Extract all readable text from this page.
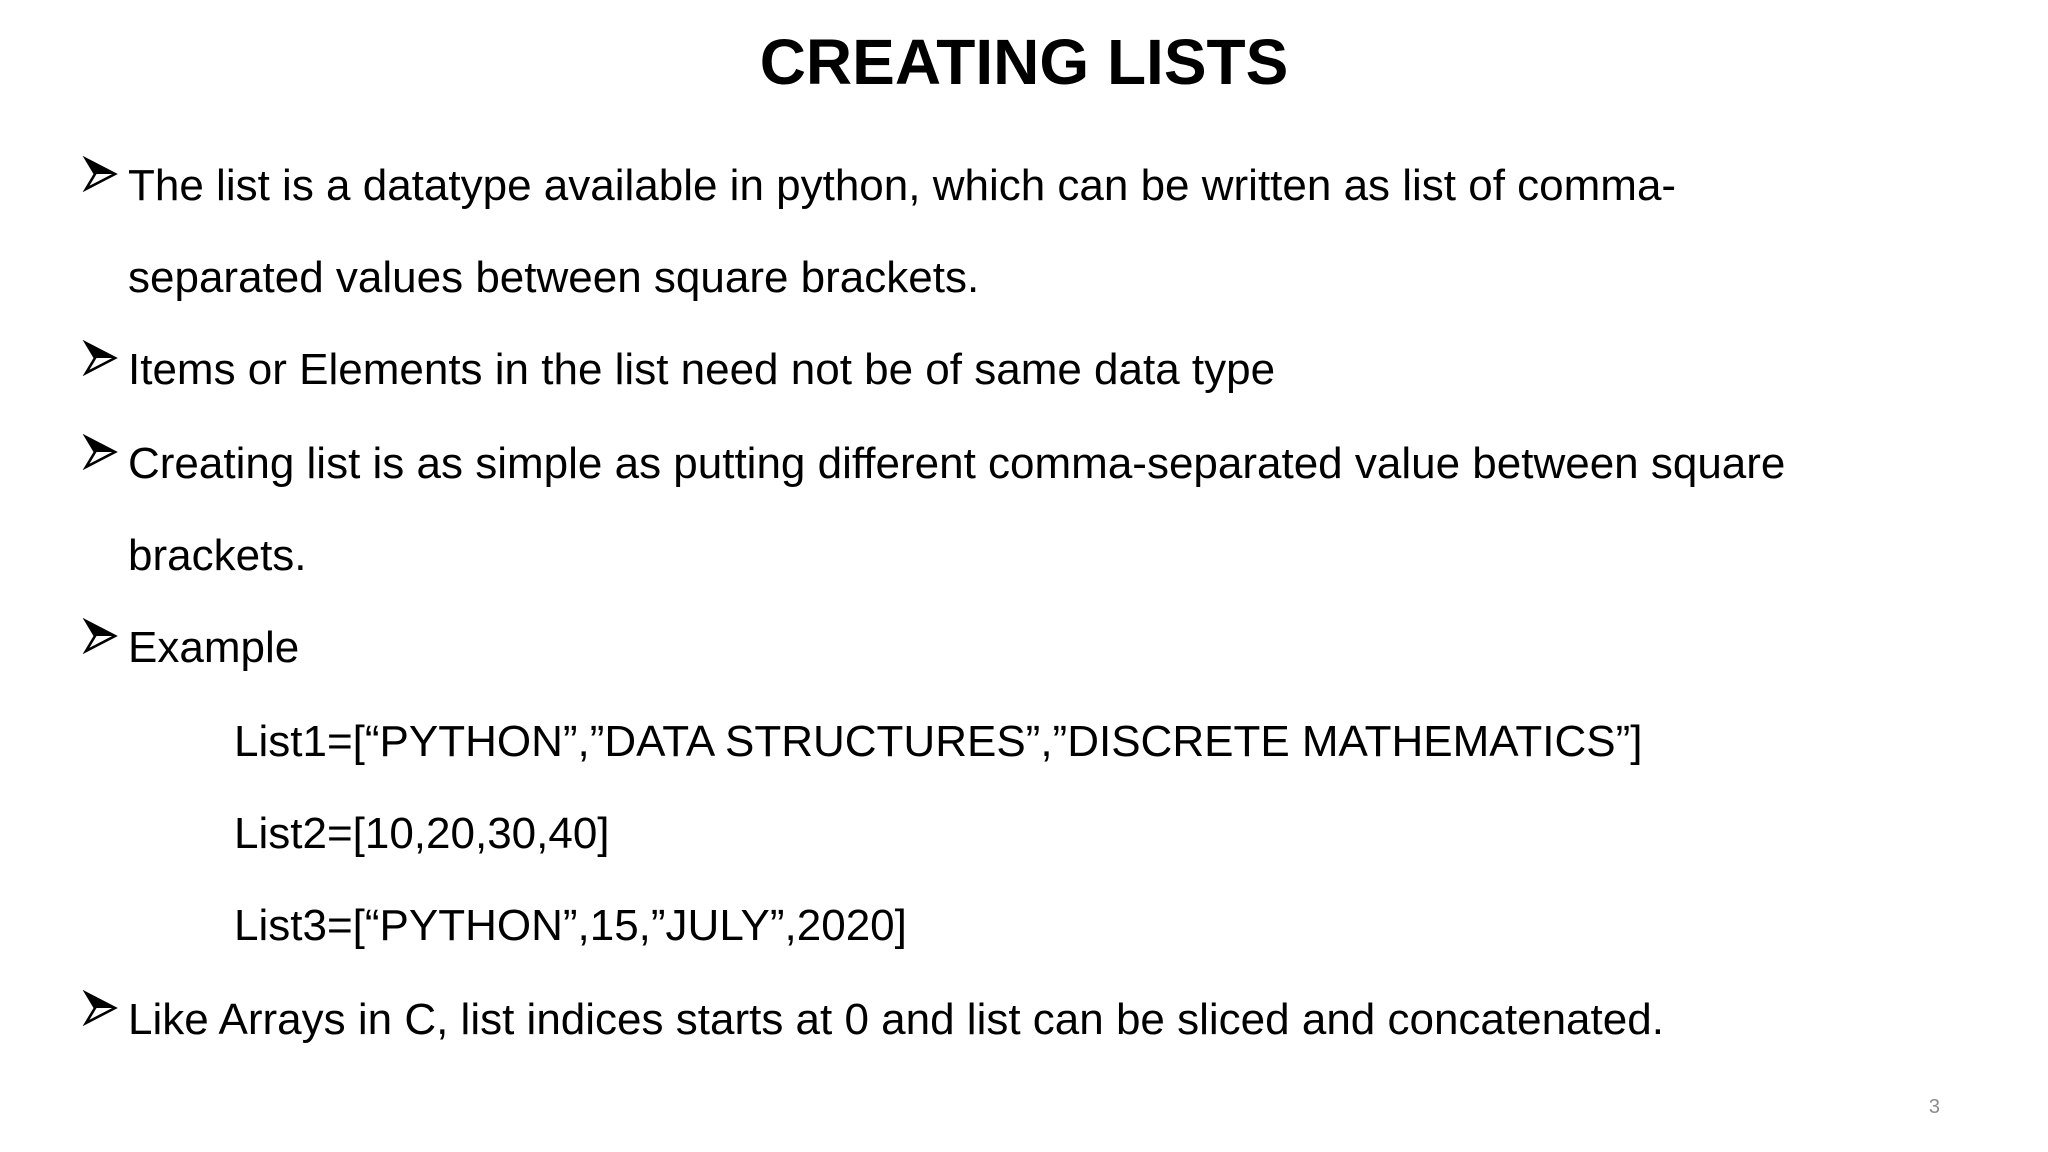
CREATING LISTS
The list is a datatype available in python, which can be written as list of comma-
separated values between square brackets.
Items or Elements in the list need not be of same data type
Creating list is as simple as putting different comma-separated value between square
brackets.
Example
List1=[“PYTHON”,”DATA STRUCTURES”,”DISCRETE MATHEMATICS”]
List2=[10,20,30,40]
List3=[“PYTHON”,15,”JULY”,2020]
Like Arrays in C, list indices starts at 0 and list can be sliced and concatenated.
3
